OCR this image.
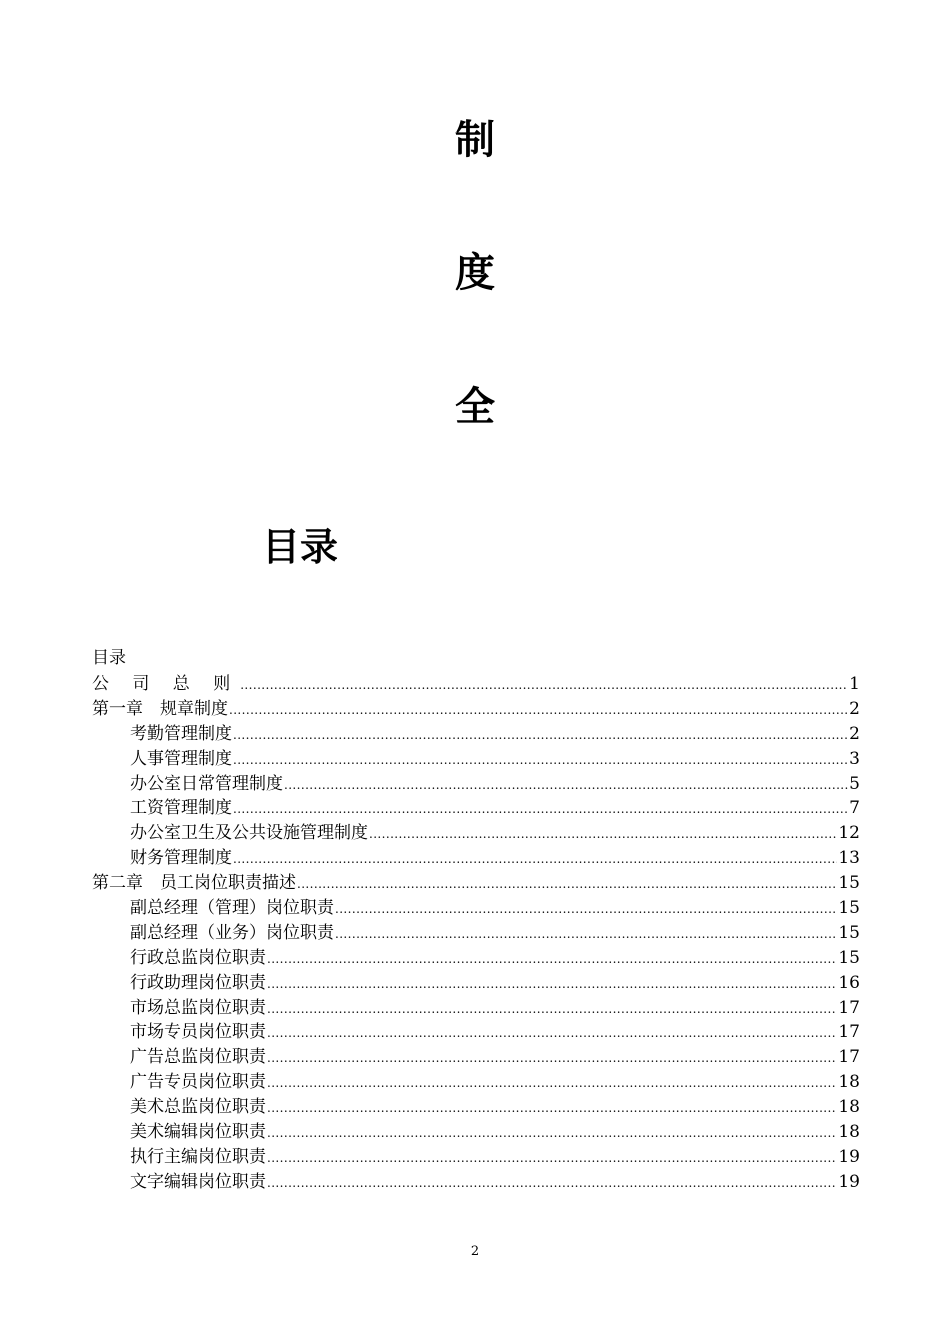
制
度
全
目录
目录
公 司 总 则 .....	1
第一章　规章制度 .....	2
考勤管理制度 .....	2
人事管理制度 .....	3
办公室日常管理制度 .....	5
工资管理制度 .....	7
办公室卫生及公共设施管理制度 .....	12
财务管理制度 .....	13
第二章　员工岗位职责描述 .....	15
副总经理（管理）岗位职责 .....	15
副总经理（业务）岗位职责 .....	15
行政总监岗位职责 .....	15
行政助理岗位职责 .....	16
市场总监岗位职责 .....	17
市场专员岗位职责 .....	17
广告总监岗位职责 .....	17
广告专员岗位职责 .....	18
美术总监岗位职责 .....	18
美术编辑岗位职责 .....	18
执行主编岗位职责 .....	19
文字编辑岗位职责 .....	19
2
